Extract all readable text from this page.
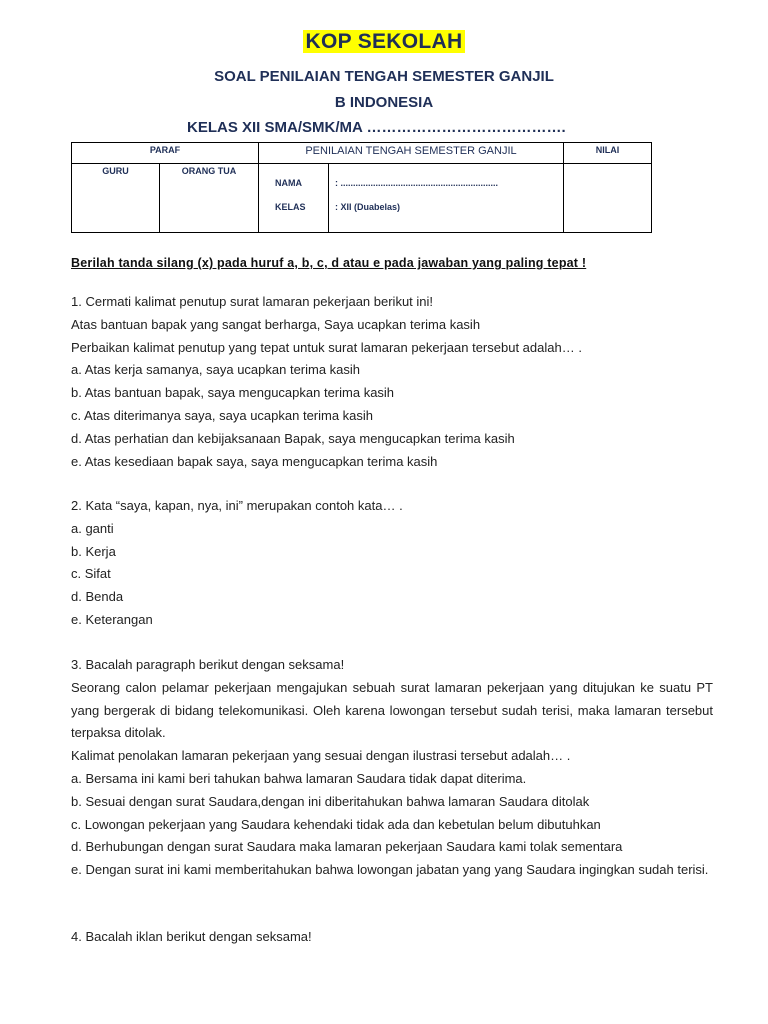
KOP SEKOLAH
SOAL PENILAIAN TENGAH SEMESTER GANJIL
B INDONESIA
KELAS XII SMA/SMK/MA ………………………………….
PARAF		PENILAIAN TENGAH SEMESTER GANJIL	NILAI
GURU	ORANG TUA	NAMA : ...............................................................
KELAS : XII (Duabelas)	

Berilah tanda silang (x) pada huruf a, b, c, d atau e pada jawaban yang paling tepat !
1. Cermati kalimat penutup surat lamaran pekerjaan berikut ini!
Atas bantuan bapak yang sangat berharga, Saya ucapkan terima kasih
Perbaikan kalimat penutup yang tepat untuk surat lamaran pekerjaan tersebut adalah… .
a. Atas kerja samanya, saya ucapkan terima kasih
b. Atas bantuan bapak, saya mengucapkan terima kasih
c. Atas diterimanya saya, saya ucapkan terima kasih
d. Atas perhatian dan kebijaksanaan Bapak, saya mengucapkan terima kasih
e. Atas kesediaan bapak saya, saya mengucapkan terima kasih
2. Kata “saya, kapan, nya, ini” merupakan contoh kata… .
a. ganti
b. Kerja
c. Sifat
d. Benda
e. Keterangan
3. Bacalah paragraph berikut dengan seksama!
Seorang calon pelamar pekerjaan mengajukan sebuah surat lamaran pekerjaan yang ditujukan ke suatu PT yang bergerak di bidang telekomunikasi. Oleh karena lowongan tersebut sudah terisi, maka lamaran tersebut terpaksa ditolak.
Kalimat penolakan lamaran pekerjaan yang sesuai dengan ilustrasi tersebut adalah… .
a. Bersama ini kami beri tahukan bahwa lamaran Saudara tidak dapat diterima.
b. Sesuai dengan surat Saudara,dengan ini diberitahukan bahwa lamaran Saudara ditolak
c. Lowongan pekerjaan yang Saudara kehendaki tidak ada dan kebetulan belum dibutuhkan
d. Berhubungan dengan surat Saudara maka lamaran pekerjaan Saudara kami tolak sementara
e. Dengan surat ini kami memberitahukan bahwa lowongan jabatan yang yang Saudara ingingkan sudah terisi.
4. Bacalah iklan berikut dengan seksama!
